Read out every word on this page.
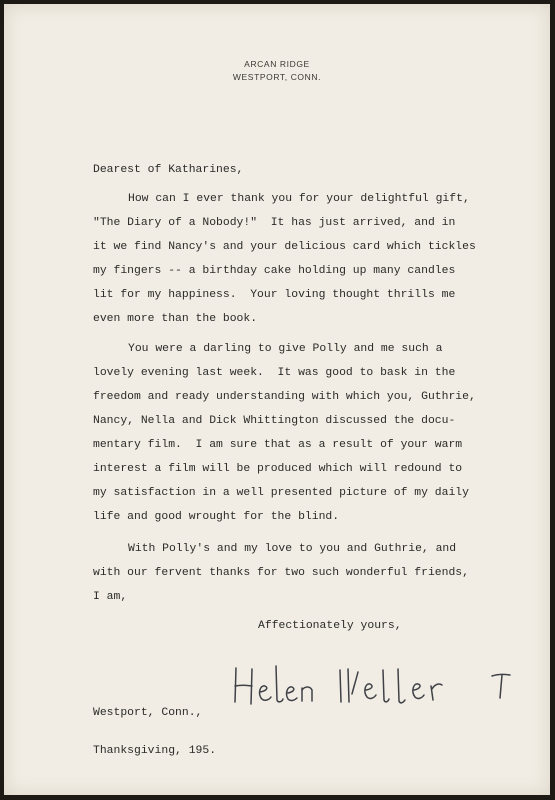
ARCAN RIDGE
WESTPORT, CONN.
Dearest of Katharines,
How can I ever thank you for your delightful gift,
"The Diary of a Nobody!"  It has just arrived, and in
it we find Nancy's and your delicious card which tickles
my fingers -- a birthday cake holding up many candles
lit for my happiness.  Your loving thought thrills me
even more than the book.
You were a darling to give Polly and me such a
lovely evening last week.  It was good to bask in the
freedom and ready understanding with which you, Guthrie,
Nancy, Nella and Dick Whittington discussed the docu-
mentary film.  I am sure that as a result of your warm
interest a film will be produced which will redound to
my satisfaction in a well presented picture of my daily
life and good wrought for the blind.
With Polly's and my love to you and Guthrie, and
with our fervent thanks for two such wonderful friends,
I am,
Affectionately yours,
Westport, Conn.,
Thanksgiving, 195.
